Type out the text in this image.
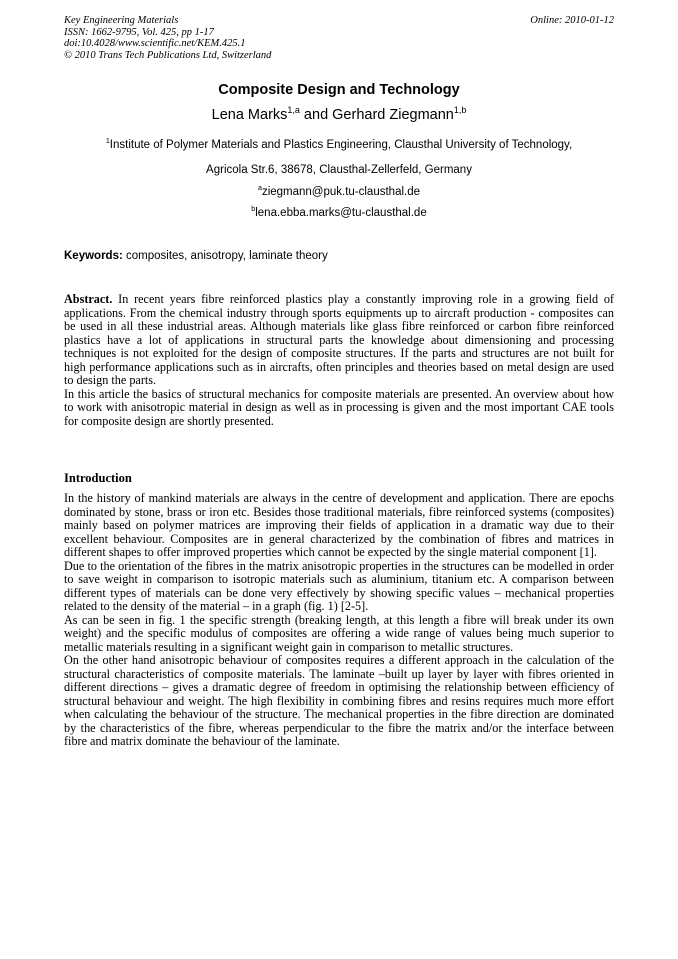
Key Engineering Materials
ISSN: 1662-9795, Vol. 425, pp 1-17
doi:10.4028/www.scientific.net/KEM.425.1
© 2010 Trans Tech Publications Ltd, Switzerland
Online: 2010-01-12
Composite Design and Technology
Lena Marks$^{1,a}$ and Gerhard Ziegmann$^{1,b}$
$^1$Institute of Polymer Materials and Plastics Engineering, Clausthal University of Technology,
Agricola Str.6, 38678, Clausthal-Zellerfeld, Germany
$^a$ziegmann@puk.tu-clausthal.de
$^b$lena.ebba.marks@tu-clausthal.de
Keywords: composites, anisotropy, laminate theory

Abstract. In recent years fibre reinforced plastics play a constantly improving role in a growing field of applications. From the chemical industry through sports equipments up to aircraft production - composites can be used in all these industrial areas. Although materials like glass fibre reinforced or carbon fibre reinforced plastics have a lot of applications in structural parts the knowledge about dimensioning and processing techniques is not exploited for the design of composite structures. If the parts and structures are not built for high performance applications such as in aircrafts, often principles and theories based on metal design are used to design the parts.

In this article the basics of structural mechanics for composite materials are presented. An overview about how to work with anisotropic material in design as well as in processing is given and the most important CAE tools for composite design are shortly presented.

Introduction

In the history of mankind materials are always in the centre of development and application. There are epochs dominated by stone, brass or iron etc. Besides those traditional materials, fibre reinforced systems (composites) mainly based on polymer matrices are improving their fields of application in a dramatic way due to their excellent behaviour. Composites are in general characterized by the combination of fibres and matrices in different shapes to offer improved properties which cannot be expected by the single material component [1].

Due to the orientation of the fibres in the matrix anisotropic properties in the structures can be modelled in order to save weight in comparison to isotropic materials such as aluminium, titanium etc. A comparison between different types of materials can be done very effectively by showing specific values – mechanical properties related to the density of the material – in a graph (fig. 1) [2-5].

As can be seen in fig. 1 the specific strength (breaking length, at this length a fibre will break under its own weight) and the specific modulus of composites are offering a wide range of values being much superior to metallic materials resulting in a significant weight gain in comparison to metallic structures.

On the other hand anisotropic behaviour of composites requires a different approach in the calculation of the structural characteristics of composite materials. The laminate –built up layer by layer with fibres oriented in different directions – gives a dramatic degree of freedom in optimising the relationship between efficiency of structural behaviour and weight. The high flexibility in combining fibres and resins requires much more effort when calculating the behaviour of the structure. The mechanical properties in the fibre direction are dominated by the characteristics of the fibre, whereas perpendicular to the fibre the matrix and/or the interface between fibre and matrix dominate the behaviour of the laminate.
